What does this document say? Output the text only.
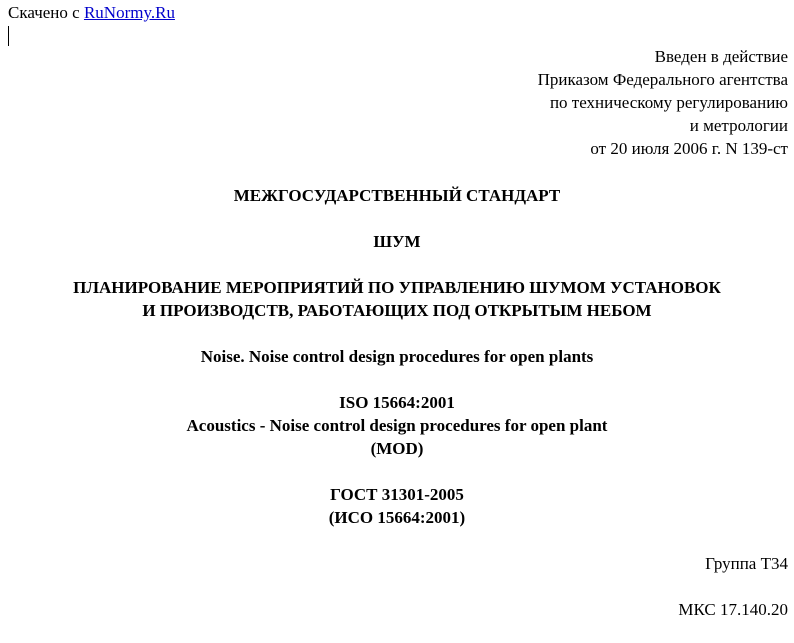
Скачено с RuNormy.Ru
Введен в действие
Приказом Федерального агентства
по техническому регулированию
и метрологии
от 20 июля 2006 г. N 139-ст
МЕЖГОСУДАРСТВЕННЫЙ СТАНДАРТ
ШУМ
ПЛАНИРОВАНИЕ МЕРОПРИЯТИЙ ПО УПРАВЛЕНИЮ ШУМОМ УСТАНОВОК
И ПРОИЗВОДСТВ, РАБОТАЮЩИХ ПОД ОТКРЫТЫМ НЕБОМ
Noise. Noise control design procedures for open plants
ISO 15664:2001
Acoustics - Noise control design procedures for open plant
(MOD)
ГОСТ 31301-2005
(ИСО 15664:2001)
Группа Т34
МКС 17.140.20
